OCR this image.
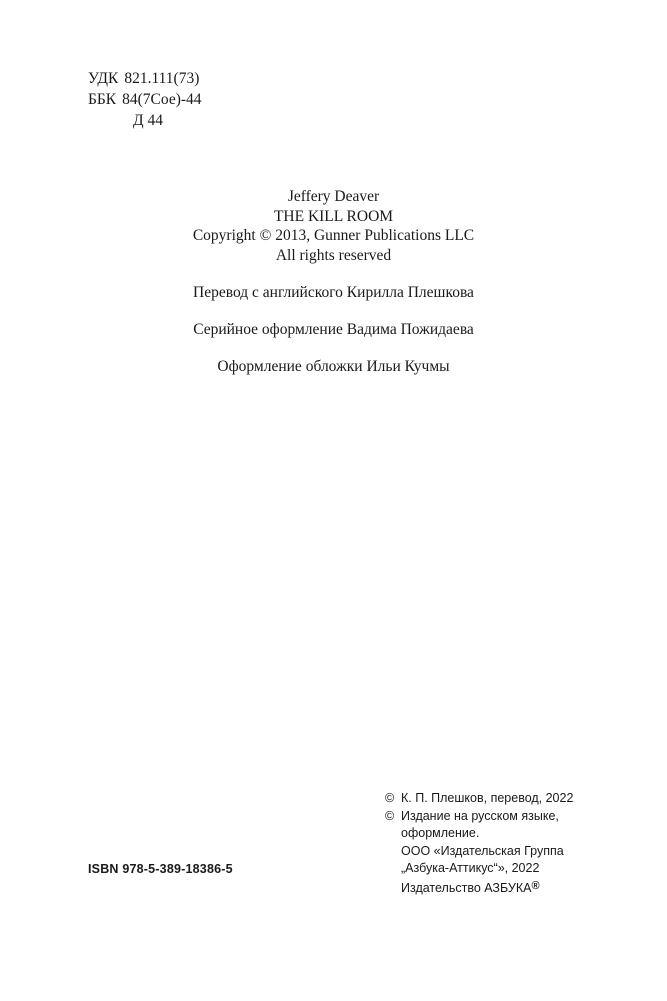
УДК 821.111(73)
ББК 84(7Сое)-44
Д 44
Jeffery Deaver
THE KILL ROOM
Copyright © 2013, Gunner Publications LLC
All rights reserved
Перевод с английского Кирилла Плешкова
Серийное оформление Вадима Пожидаева
Оформление обложки Ильи Кучмы
© К. П. Плешков, перевод, 2022
© Издание на русском языке,
оформление.
ООО «Издательская Группа
„Азбука-Аттикус“», 2022
Издательство АЗБУКА®
ISBN 978-5-389-18386-5
